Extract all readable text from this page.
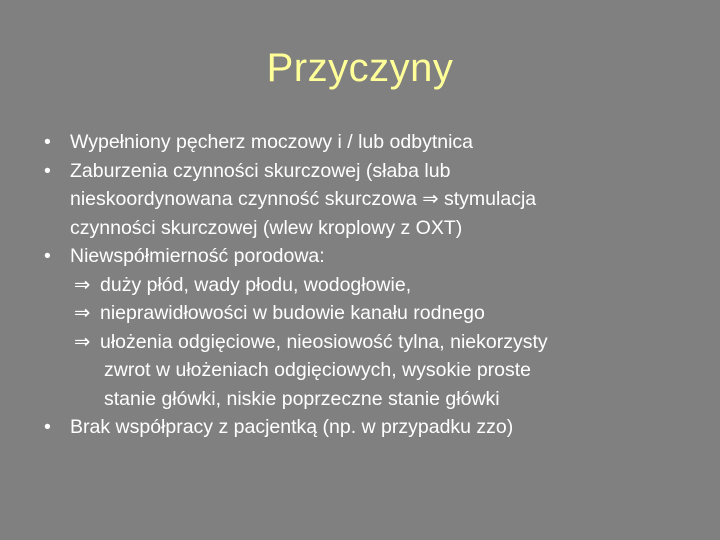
Przyczyny
• Wypełniony pęcherz moczowy i / lub odbytnica
• Zaburzenia czynności skurczowej (słaba lub
nieskoordynowana czynność skurczowa ⇒ stymulacja
czynności skurczowej (wlew kroplowy z OXT)
• Niewspółmierność porodowa:
⇒ duży płód, wady płodu, wodogłowie,
⇒ nieprawidłowości w budowie kanału rodnego
⇒ ułożenia odgięciowe, nieosiowość tylna, niekorzysty
zwrot w ułożeniach odgięciowych, wysokie proste
stanie główki, niskie poprzeczne stanie główki
• Brak współpracy z pacjentką (np. w przypadku zzo)
